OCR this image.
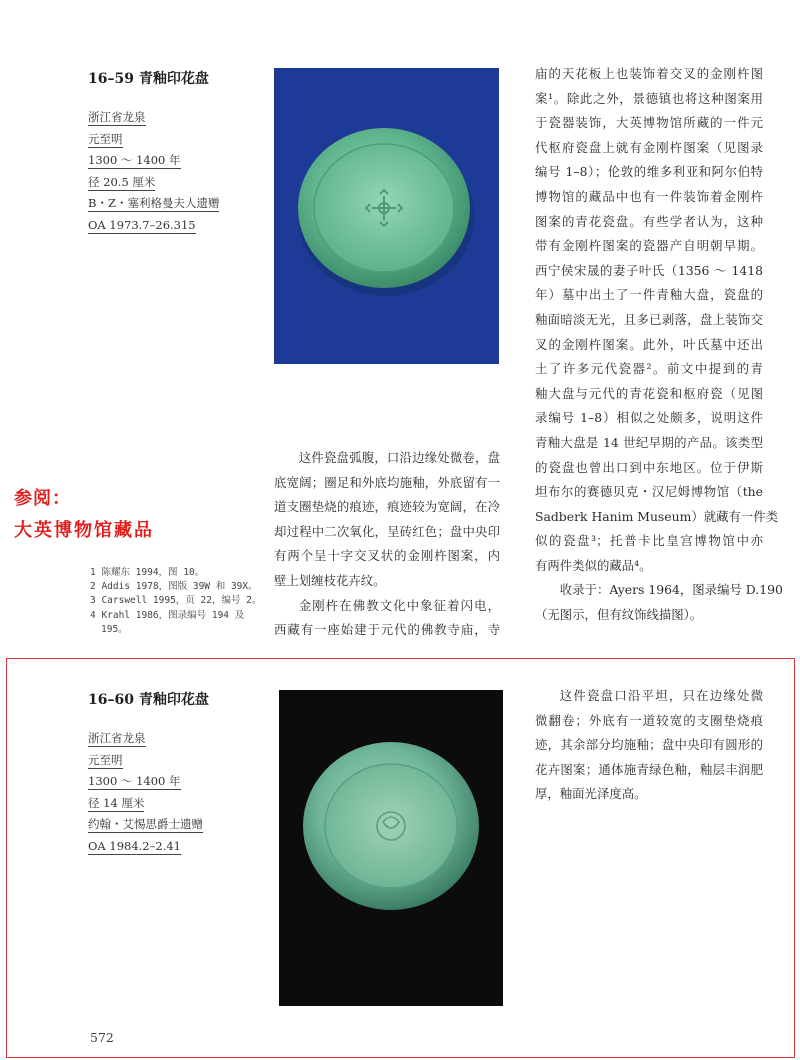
16–59 青釉印花盘
浙江省龙泉
元至明
1300 ～ 1400 年
径 20.5 厘米
B・Z・塞利格曼夫人遗赠
OA 1973.7–26.315

这件瓷盘弧腹，口沿边缘处微卷，盘

底宽阔；圈足和外底均施釉，外底留有一

道支圈垫烧的痕迹，痕迹较为宽阔，在冷

却过程中二次氧化，呈砖红色；盘中央印

有两个呈十字交叉状的金刚杵图案，内

壁上划缠枝花卉纹。

金刚杵在佛教文化中象征着闪电，

西藏有一座始建于元代的佛教寺庙，寺

庙的天花板上也装饰着交叉的金刚杵图

案¹。除此之外，景德镇也将这种图案用

于瓷器装饰，大英博物馆所藏的一件元

代枢府瓷盘上就有金刚杵图案（见图录

编号 1–8）；伦敦的维多利亚和阿尔伯特

博物馆的藏品中也有一件装饰着金刚杵

图案的青花瓷盘。有些学者认为，这种

带有金刚杵图案的瓷器产自明朝早期。

西宁侯宋晟的妻子叶氏（1356 ～ 1418

年）墓中出土了一件青釉大盘，瓷盘的

釉面暗淡无光，且多已剥落，盘上装饰交

叉的金刚杵图案。此外，叶氏墓中还出

土了许多元代瓷器²。前文中提到的青

釉大盘与元代的青花瓷和枢府瓷（见图

录编号 1–8）相似之处颇多，说明这件

青釉大盘是 14 世纪早期的产品。该类型

的瓷盘也曾出口到中东地区。位于伊斯

坦布尔的赛德贝克・汉尼姆博物馆（the

Sadberk Hanim Museum）就藏有一件类

似的瓷盘³；托普卡比皇宫博物馆中亦

有两件类似的藏品⁴。

收录于：Ayers 1964，图录编号 D.190

（无图示，但有纹饰线描图）。

参阅：
大英博物馆藏品
1 陈耀东 1994，图 10。
2 Addis 1978，图版 39W 和 39X。
3 Carswell 1995，页 22，编号 2。
4 Krahl 1986，图录编号 194 及
195。
16–60 青釉印花盘
浙江省龙泉
元至明
1300 ～ 1400 年
径 14 厘米
约翰・艾惕思爵士遗赠
OA 1984.2–2.41

这件瓷盘口沿平坦，只在边缘处微

微翻卷；外底有一道较宽的支圈垫烧痕

迹，其余部分均施釉；盘中央印有圆形的

花卉图案；通体施青绿色釉，釉层丰润肥

厚，釉面光泽度高。

572
